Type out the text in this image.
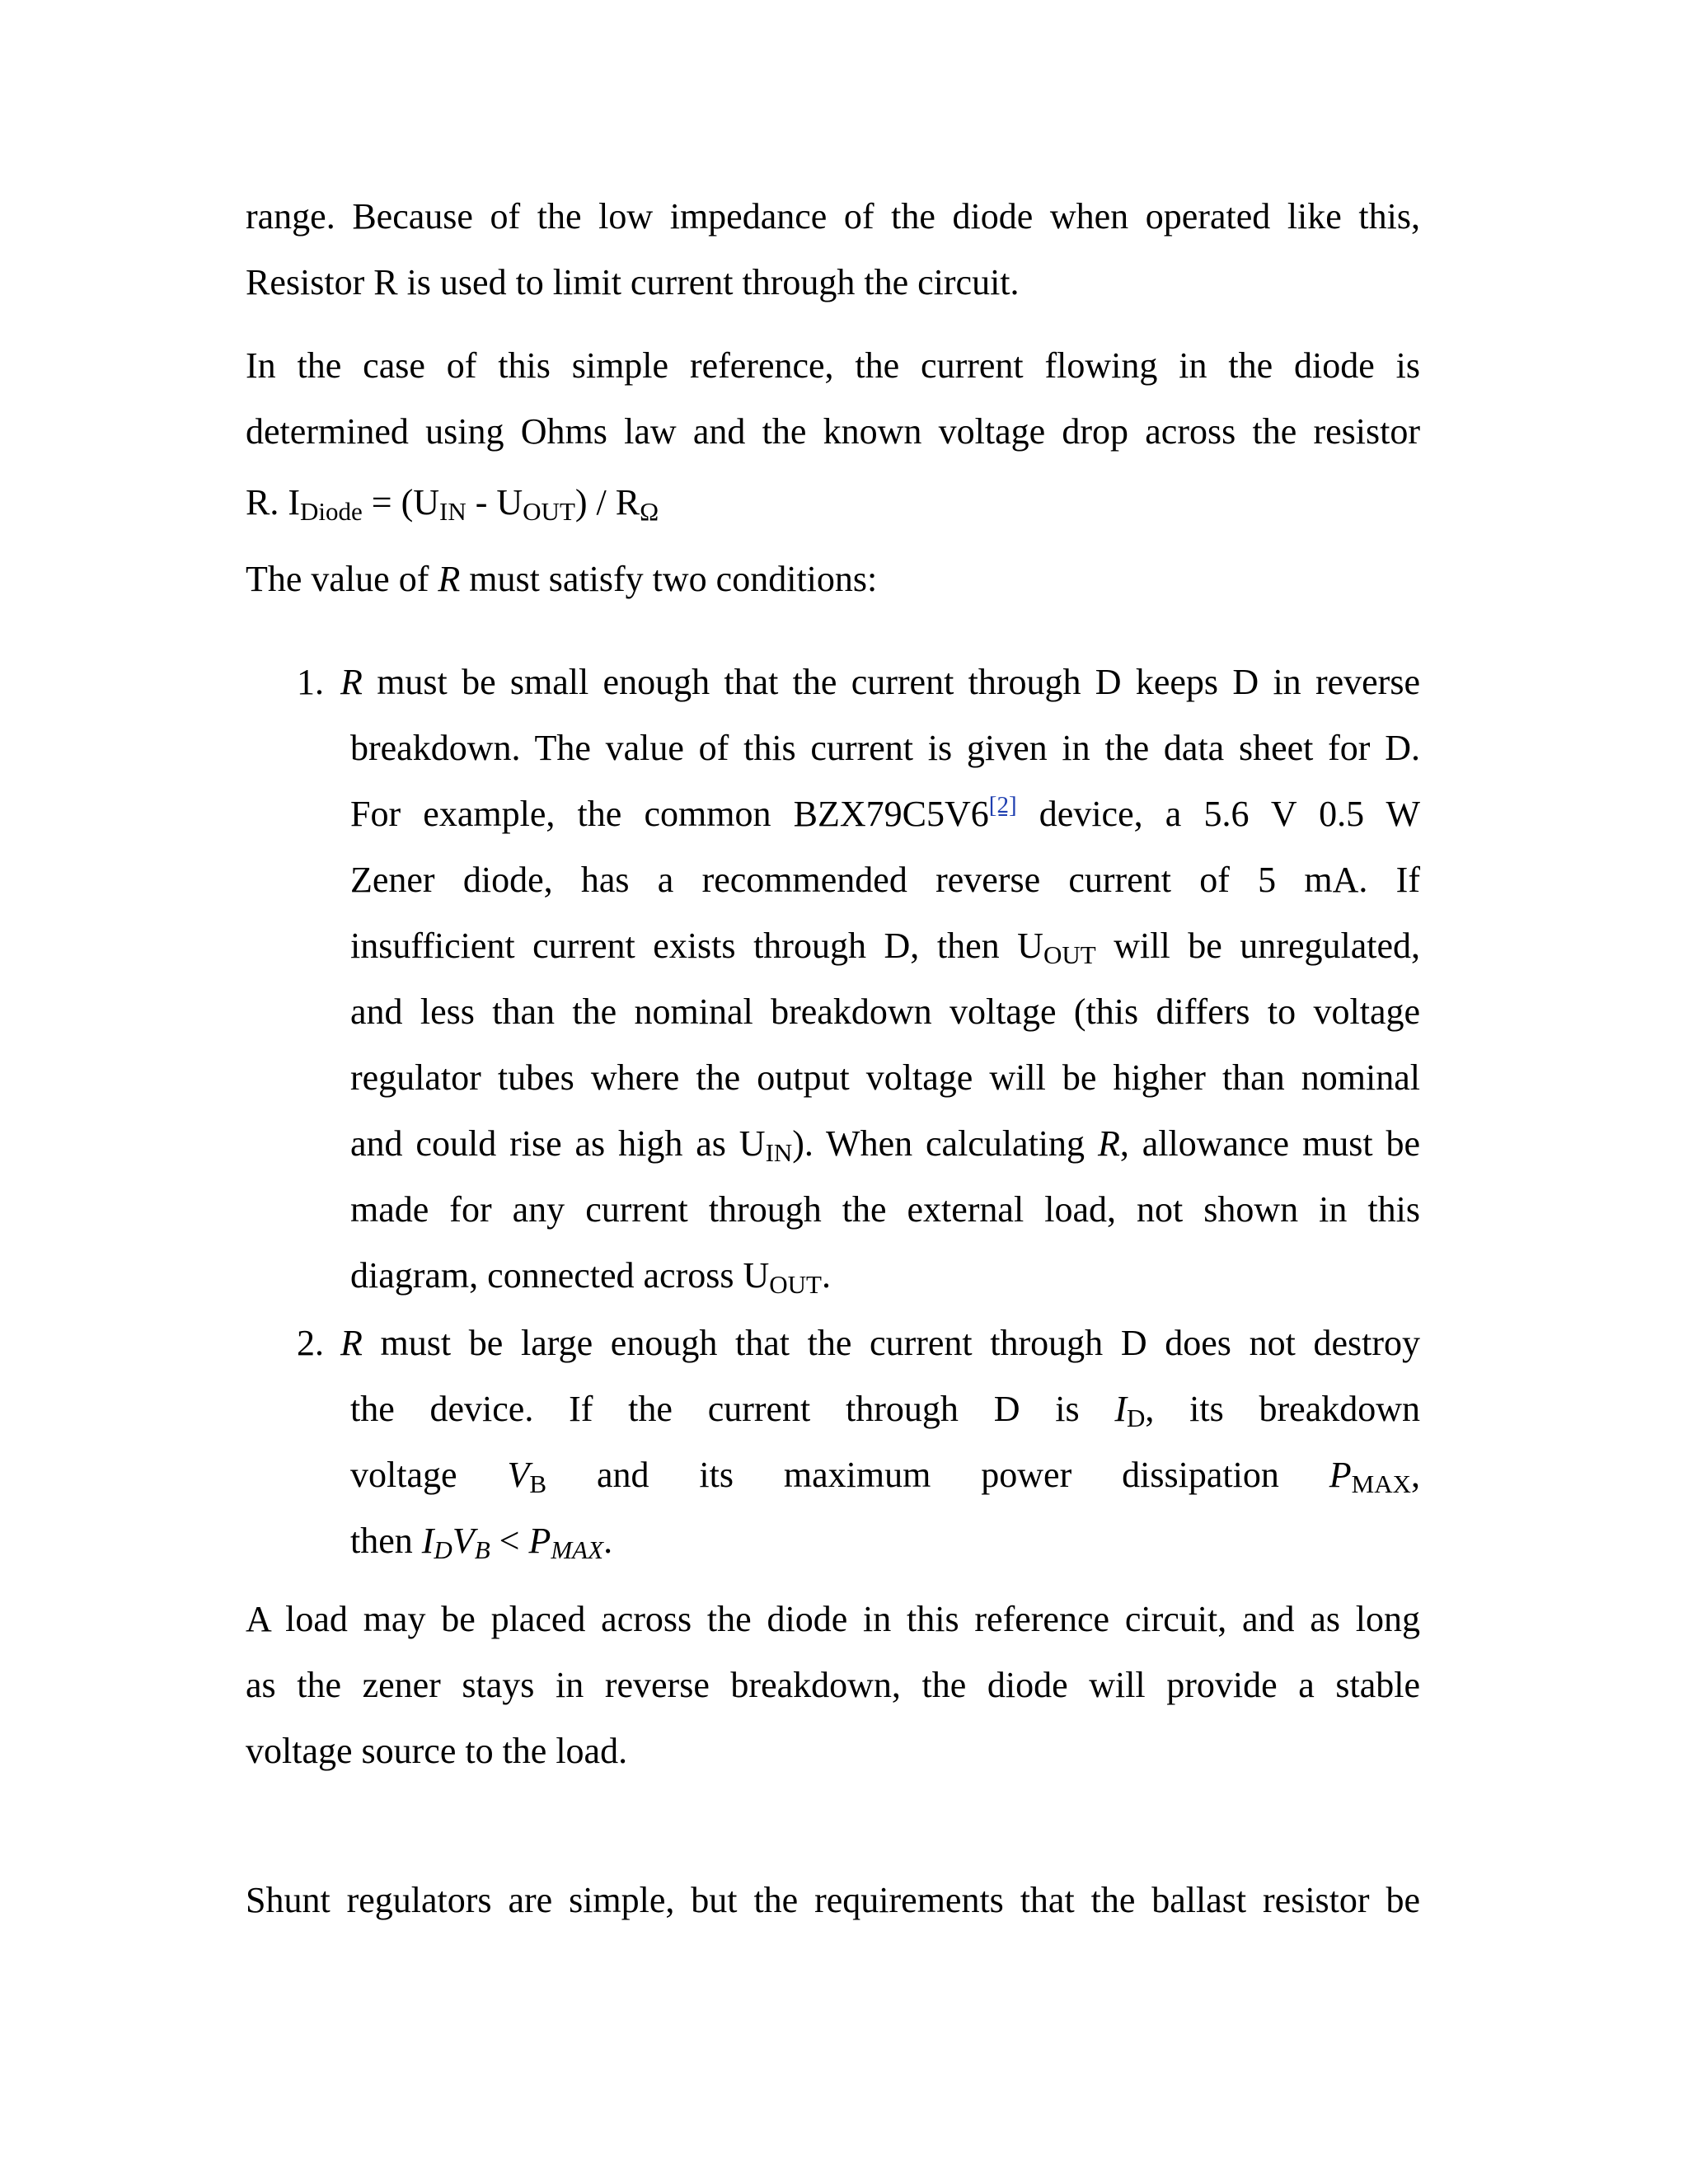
range. Because of the low impedance of the diode when operated like this,
Resistor R is used to limit current through the circuit.
In the case of this simple reference, the current flowing in the diode is
determined using Ohms law and the known voltage drop across the resistor
R. $I_{Diode} = (U_{IN} - U_{OUT}) / R_\Omega$
The value of R must satisfy two conditions:
1. R must be small enough that the current through D keeps D in reverse
breakdown. The value of this current is given in the data sheet for D.
For example, the common BZX79C5V6[2] device, a 5.6 V 0.5 W
Zener diode, has a recommended reverse current of 5 mA. If
insufficient current exists through D, then $U_{OUT}$ will be unregulated,
and less than the nominal breakdown voltage (this differs to voltage
regulator tubes where the output voltage will be higher than nominal
and could rise as high as $U_{IN}$). When calculating R, allowance must be
made for any current through the external load, not shown in this
diagram, connected across $U_{OUT}$.
2. R must be large enough that the current through D does not destroy
the device. If the current through D is $I_D$, its breakdown
voltage $V_B$ and its maximum power dissipation $P_{MAX}$,
then $I_DV_B < P_{MAX}$.
A load may be placed across the diode in this reference circuit, and as long
as the zener stays in reverse breakdown, the diode will provide a stable
voltage source to the load.
Shunt regulators are simple, but the requirements that the ballast resistor be
